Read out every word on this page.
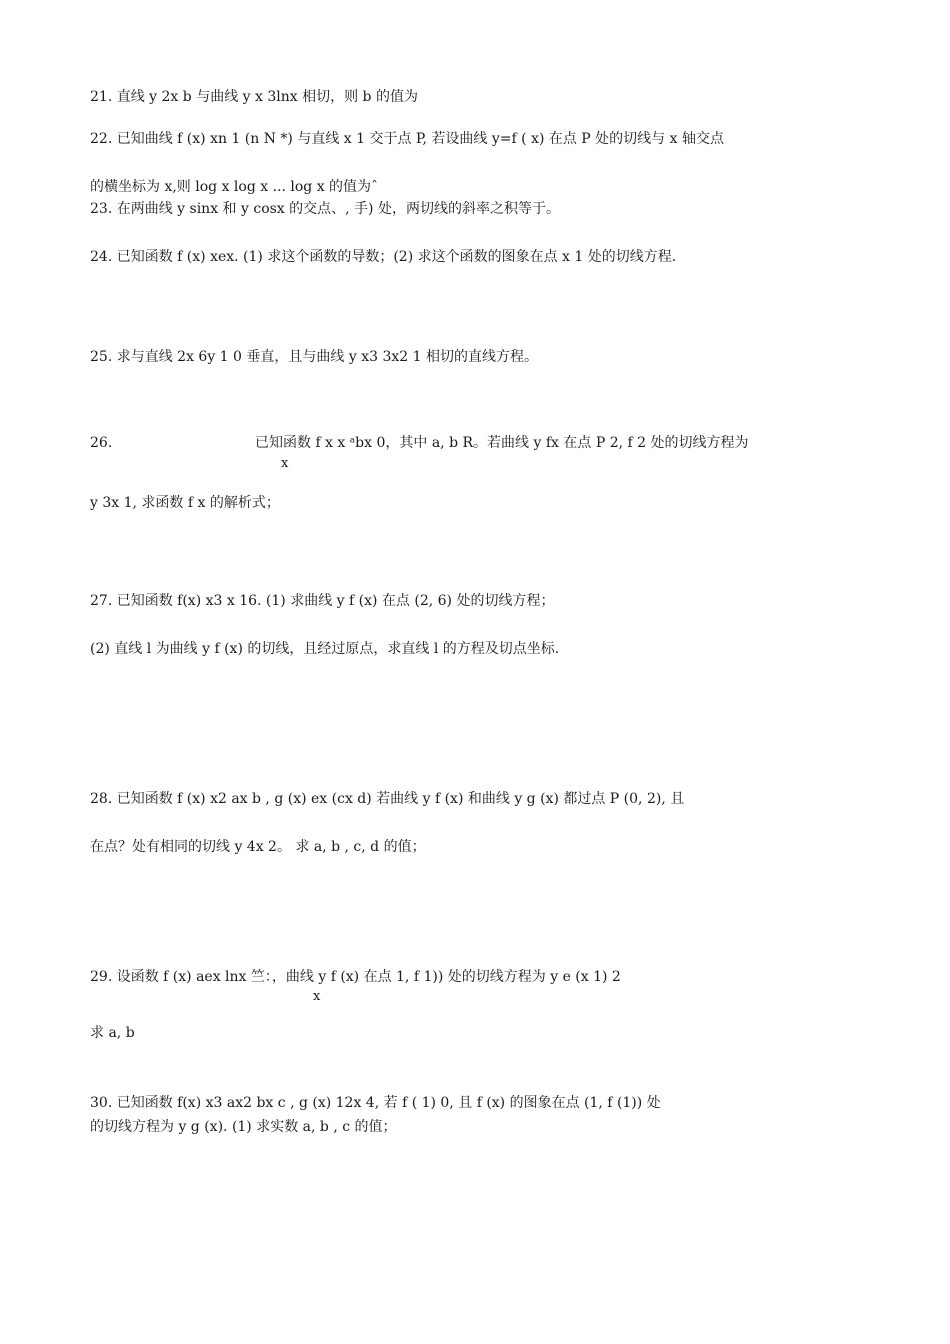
21. 直线 y 2x b 与曲线 y x 3lnx 相切，则 b 的值为
22. 已知曲线 f (x) xn 1 (n N *) 与直线 x 1 交于点 P, 若设曲线 y=f ( x) 在点 P 处的切线与 x 轴交点
的横坐标为 x,则 log x log x ... log x 的值为ˆ
23. 在两曲线 y sinx 和 y cosx 的交点、, 手) 处，两切线的斜率之积等于。
24. 已知函数 f (x) xex. (1) 求这个函数的导数；(2) 求这个函数的图象在点 x 1 处的切线方程.
25. 求与直线 2x 6y 1 0 垂直，且与曲线 y x3 3x2 1 相切的直线方程。
26.	已知函数 f x x ᵃbx 0，其中 a, b R。若曲线 y fx 在点 P 2, f 2 处的切线方程为
x
y 3x 1, 求函数 f x 的解析式；
27. 已知函数 f(x) x3 x 16. (1) 求曲线 y f (x) 在点 (2, 6) 处的切线方程；
(2) 直线 l 为曲线 y f (x) 的切线，且经过原点，求直线 l 的方程及切点坐标.
28. 已知函数 f (x) x2 ax b , g (x) ex (cx d) 若曲线 y f (x) 和曲线 y g (x) 都过点 P (0, 2), 且
在点？处有相同的切线 y 4x 2。 求 a, b , c, d 的值；
29. 设函数 f (x) aex lnx 竺：，曲线 y f (x) 在点 1, f 1)) 处的切线方程为 y e (x 1) 2
x
求 a, b
30. 已知函数 f(x) x3 ax2 bx c , g (x) 12x 4, 若 f ( 1) 0, 且 f (x) 的图象在点 (1, f (1)) 处
的切线方程为 y g (x). (1) 求实数 a, b , c 的值；
